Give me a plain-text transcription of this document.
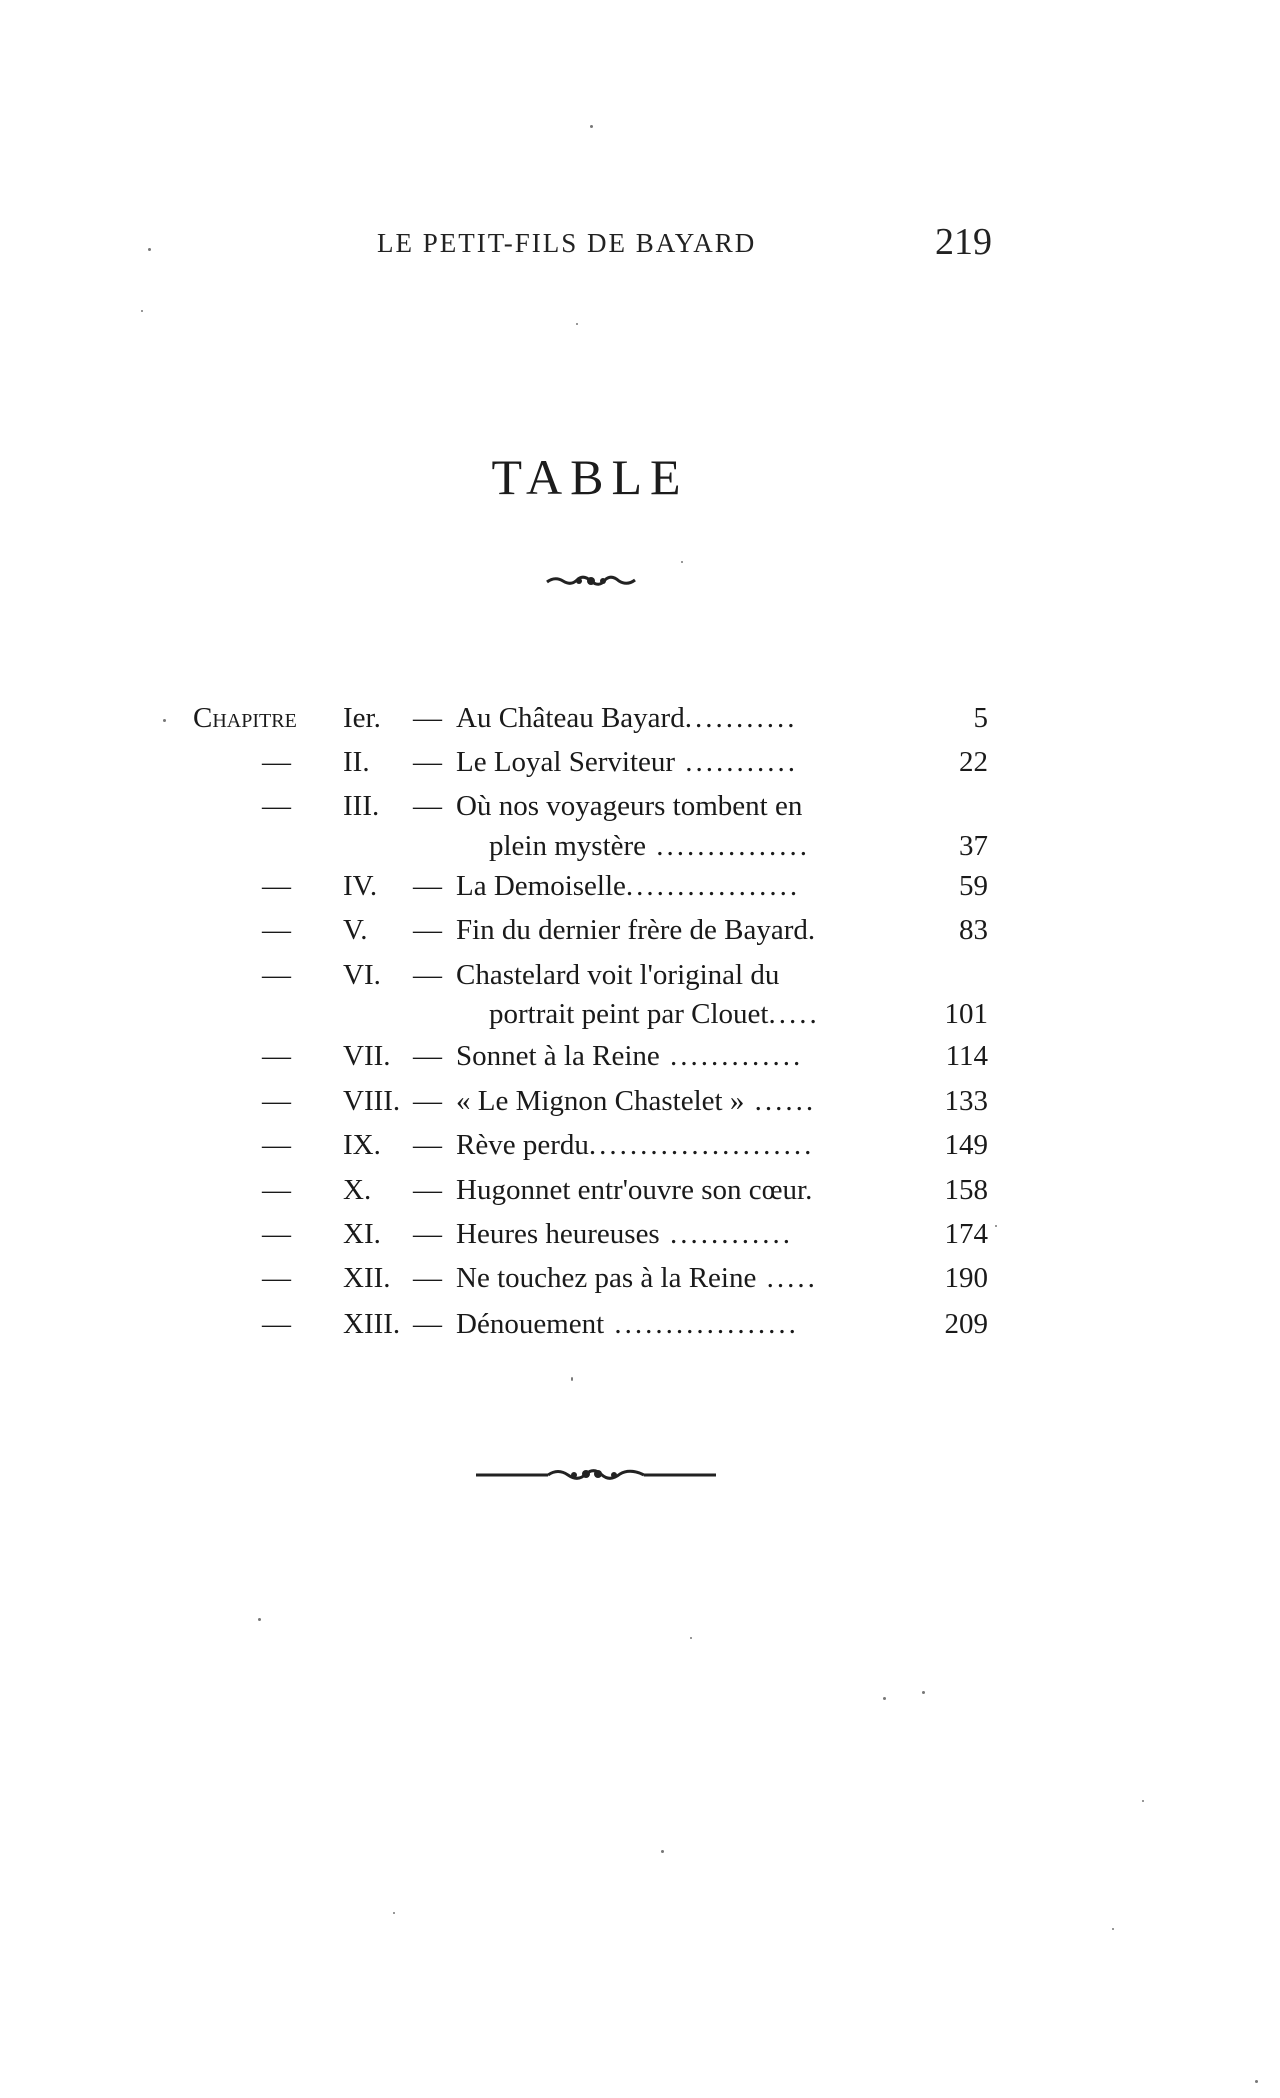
LE PETIT-FILS DE BAYARD	219
TABLE
Chapitre Ier. — Au Château Bayard...........	5
— II. — Le Loyal Serviteur ...........	22
— III. — Où nos voyageurs tombent en
plein mystère ...............	37
— IV. — La Demoiselle.................	59
— V. — Fin du dernier frère de Bayard.	83
— VI. — Chastelard voit l'original du
portrait peint par Clouet.....	101
— VII. — Sonnet à la Reine .............	114
— VIII. — « Le Mignon Chastelet » ......	133
— IX. — Rève perdu......................	149
— X. — Hugonnet entr'ouvre son cœur.	158
— XI. — Heures heureuses ............	174
— XII. — Ne touchez pas à la Reine .....	190
— XIII. — Dénouement ..................	209
